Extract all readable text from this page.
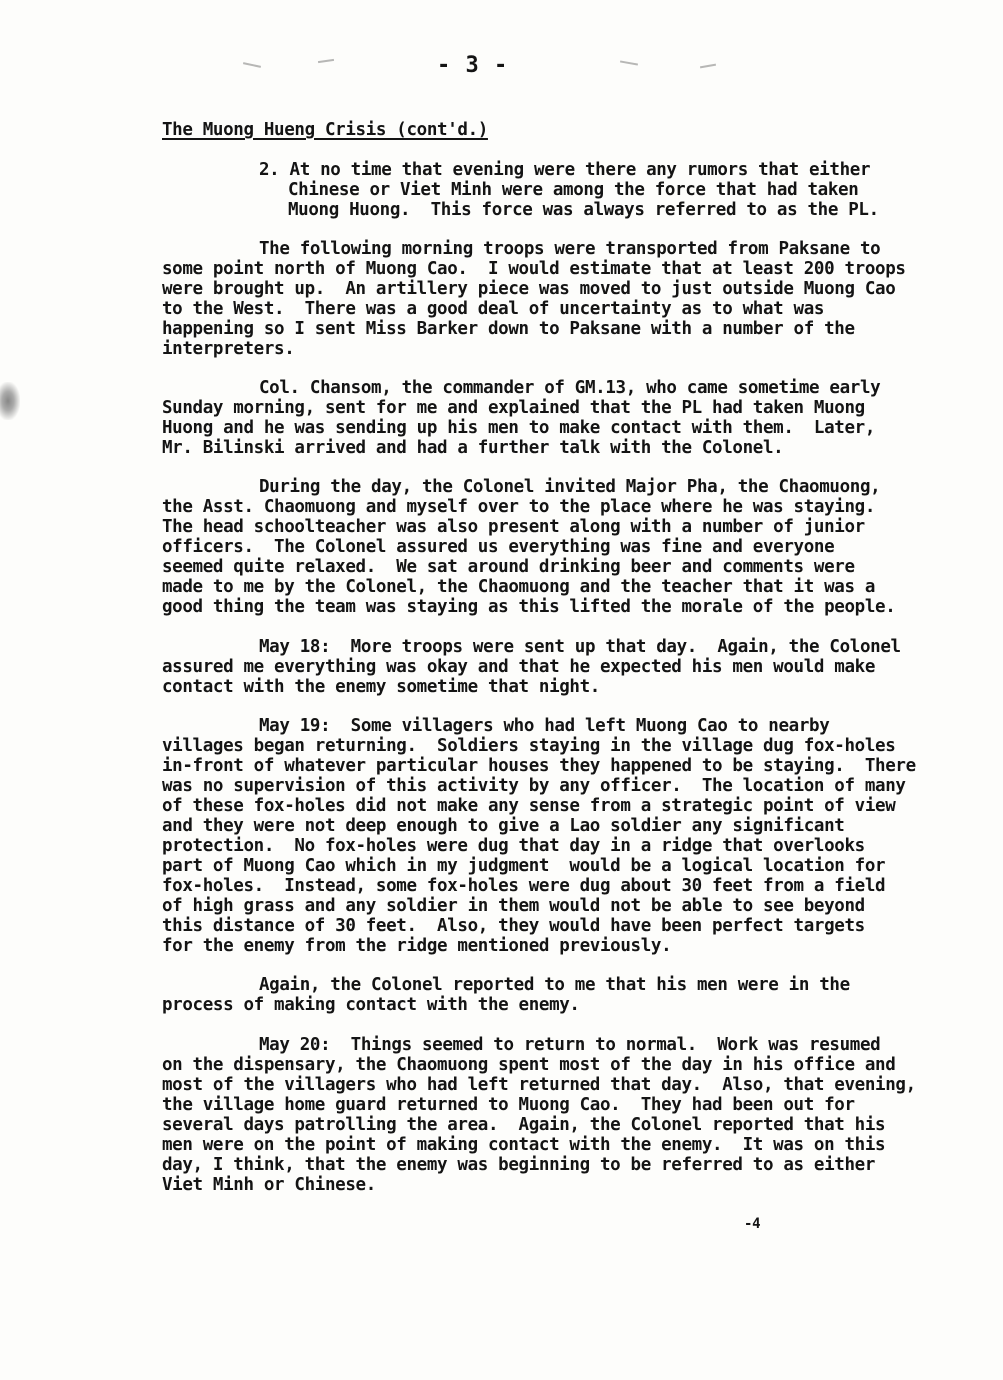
- 3 -
The Muong Hueng Crisis (cont'd.)
2. At no time that evening were there any rumors that either
Chinese or Viet Minh were among the force that had taken
Muong Huong.  This force was always referred to as the PL.
The following morning troops were transported from Paksane to
some point north of Muong Cao.  I would estimate that at least 200 troops
were brought up.  An artillery piece was moved to just outside Muong Cao
to the West.  There was a good deal of uncertainty as to what was
happening so I sent Miss Barker down to Paksane with a number of the
interpreters.
Col. Chansom, the commander of GM.13, who came sometime early
Sunday morning, sent for me and explained that the PL had taken Muong
Huong and he was sending up his men to make contact with them.  Later,
Mr. Bilinski arrived and had a further talk with the Colonel.
During the day, the Colonel invited Major Pha, the Chaomuong,
the Asst. Chaomuong and myself over to the place where he was staying.
The head schoolteacher was also present along with a number of junior
officers.  The Colonel assured us everything was fine and everyone
seemed quite relaxed.  We sat around drinking beer and comments were
made to me by the Colonel, the Chaomuong and the teacher that it was a
good thing the team was staying as this lifted the morale of the people.
May 18:  More troops were sent up that day.  Again, the Colonel
assured me everything was okay and that he expected his men would make
contact with the enemy sometime that night.
May 19:  Some villagers who had left Muong Cao to nearby
villages began returning.  Soldiers staying in the village dug fox-holes
in-front of whatever particular houses they happened to be staying.  There
was no supervision of this activity by any officer.  The location of many
of these fox-holes did not make any sense from a strategic point of view
and they were not deep enough to give a Lao soldier any significant
protection.  No fox-holes were dug that day in a ridge that overlooks
part of Muong Cao which in my judgment  would be a logical location for
fox-holes.  Instead, some fox-holes were dug about 30 feet from a field
of high grass and any soldier in them would not be able to see beyond
this distance of 30 feet.  Also, they would have been perfect targets
for the enemy from the ridge mentioned previously.
Again, the Colonel reported to me that his men were in the
process of making contact with the enemy.
May 20:  Things seemed to return to normal.  Work was resumed
on the dispensary, the Chaomuong spent most of the day in his office and
most of the villagers who had left returned that day.  Also, that evening,
the village home guard returned to Muong Cao.  They had been out for
several days patrolling the area.  Again, the Colonel reported that his
men were on the point of making contact with the enemy.  It was on this
day, I think, that the enemy was beginning to be referred to as either
Viet Minh or Chinese.
-4
